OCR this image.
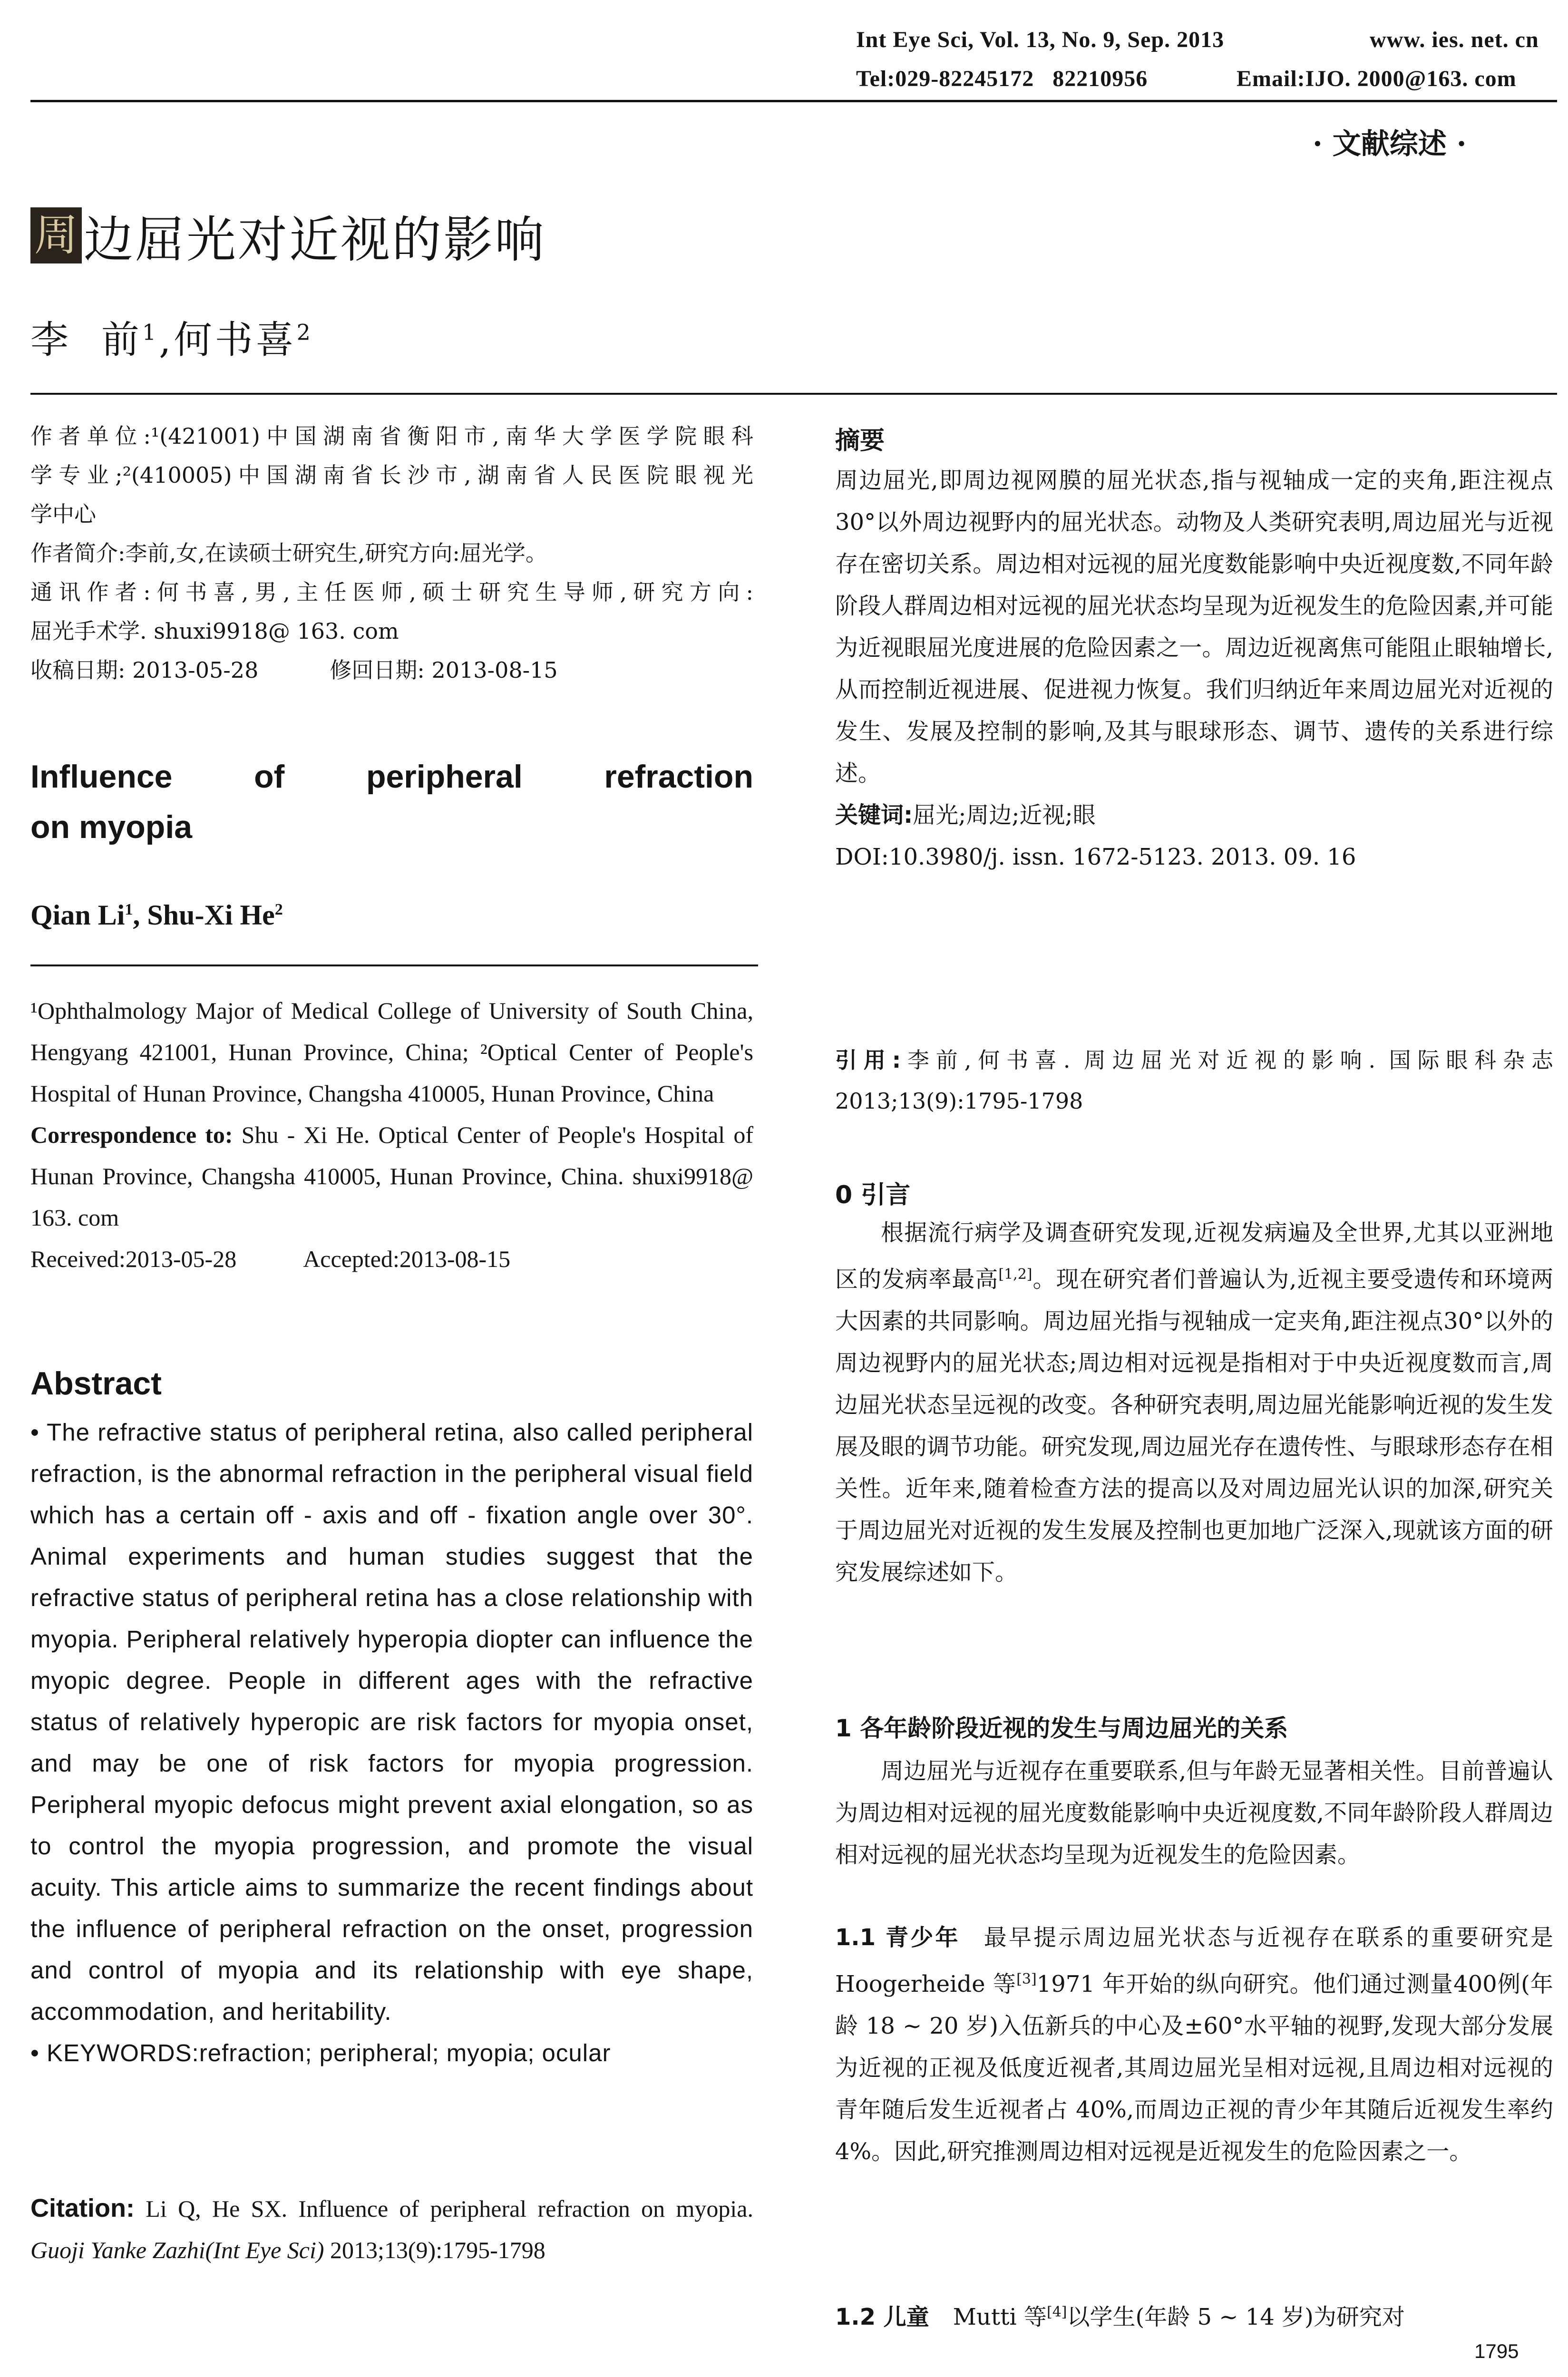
Int Eye Sci, Vol. 13, No. 9, Sep. 2013	www. ies. net. cn
Tel:029-82245172   82210956	Email:IJO. 2000@163. com
· 文献综述 ·
周 边屈光对近视的影响
李  前$^1$,何书喜$^2$
作者单位:¹(421001)中国湖南省衡阳市,南华大学医学院眼科
学专业;²(410005)中国湖南省长沙市,湖南省人民医院眼视光
学中心
作者简介:李前,女,在读硕士研究生,研究方向:屈光学。
通讯作者:何书喜,男,主任医师,硕士研究生导师,研究方向:
屈光手术学. shuxi9918@ 163. com
收稿日期: 2013-05-28	修回日期: 2013-08-15
Influence of peripheral refraction
on myopia
Qian Li$^1$, Shu-Xi He$^2$
¹Ophthalmology Major of Medical College of University of South China, Hengyang 421001, Hunan Province, China; ²Optical Center of People's Hospital of Hunan Province, Changsha 410005, Hunan Province, China
Correspondence to: Shu - Xi He. Optical Center of People's Hospital of Hunan Province, Changsha 410005, Hunan Province, China. shuxi9918@ 163. com
Received:2013-05-28	Accepted:2013-08-15
Abstract
• The refractive status of peripheral retina, also called peripheral refraction, is the abnormal refraction in the peripheral visual field which has a certain off - axis and off - fixation angle over 30°. Animal experiments and human studies suggest that the refractive status of peripheral retina has a close relationship with myopia. Peripheral relatively hyperopia diopter can influence the myopic degree. People in different ages with the refractive status of relatively hyperopic are risk factors for myopia onset, and may be one of risk factors for myopia progression. Peripheral myopic defocus might prevent axial elongation, so as to control the myopia progression, and promote the visual acuity. This article aims to summarize the recent findings about the influence of peripheral refraction on the onset, progression and control of myopia and its relationship with eye shape, accommodation, and heritability.
• KEYWORDS:refraction; peripheral; myopia; ocular
Citation: Li Q, He SX. Influence of peripheral refraction on myopia. Guoji Yanke Zazhi(Int Eye Sci) 2013;13(9):1795-1798
摘要
周边屈光,即周边视网膜的屈光状态,指与视轴成一定的夹角,距注视点30°以外周边视野内的屈光状态。动物及人类研究表明,周边屈光与近视存在密切关系。周边相对远视的屈光度数能影响中央近视度数,不同年龄阶段人群周边相对远视的屈光状态均呈现为近视发生的危险因素,并可能为近视眼屈光度进展的危险因素之一。周边近视离焦可能阻止眼轴增长,从而控制近视进展、促进视力恢复。我们归纳近年来周边屈光对近视的发生、发展及控制的影响,及其与眼球形态、调节、遗传的关系进行综述。
关键词:屈光;周边;近视;眼
DOI:10.3980/j. issn. 1672-5123. 2013. 09. 16
引用:李前,何书喜. 周边屈光对近视的影响. 国际眼科杂志
2013;13(9):1795-1798
0 引言
根据流行病学及调查研究发现,近视发病遍及全世界,尤其以亚洲地区的发病率最高[1,2]。现在研究者们普遍认为,近视主要受遗传和环境两大因素的共同影响。周边屈光指与视轴成一定夹角,距注视点30°以外的周边视野内的屈光状态;周边相对远视是指相对于中央近视度数而言,周边屈光状态呈远视的改变。各种研究表明,周边屈光能影响近视的发生发展及眼的调节功能。研究发现,周边屈光存在遗传性、与眼球形态存在相关性。近年来,随着检查方法的提高以及对周边屈光认识的加深,研究关于周边屈光对近视的发生发展及控制也更加地广泛深入,现就该方面的研究发展综述如下。
1 各年龄阶段近视的发生与周边屈光的关系
周边屈光与近视存在重要联系,但与年龄无显著相关性。目前普遍认为周边相对远视的屈光度数能影响中央近视度数,不同年龄阶段人群周边相对远视的屈光状态均呈现为近视发生的危险因素。
1.1 青少年 最早提示周边屈光状态与近视存在联系的重要研究是 Hoogerheide 等[3]1971 年开始的纵向研究。他们通过测量400例(年龄 18 ~ 20 岁)入伍新兵的中心及±60°水平轴的视野,发现大部分发展为近视的正视及低度近视者,其周边屈光呈相对远视,且周边相对远视的青年随后发生近视者占 40%,而周边正视的青少年其随后近视发生率约 4%。因此,研究推测周边相对远视是近视发生的危险因素之一。
1.2 儿童 Mutti 等[4]以学生(年龄 5 ~ 14 岁)为研究对
1795
